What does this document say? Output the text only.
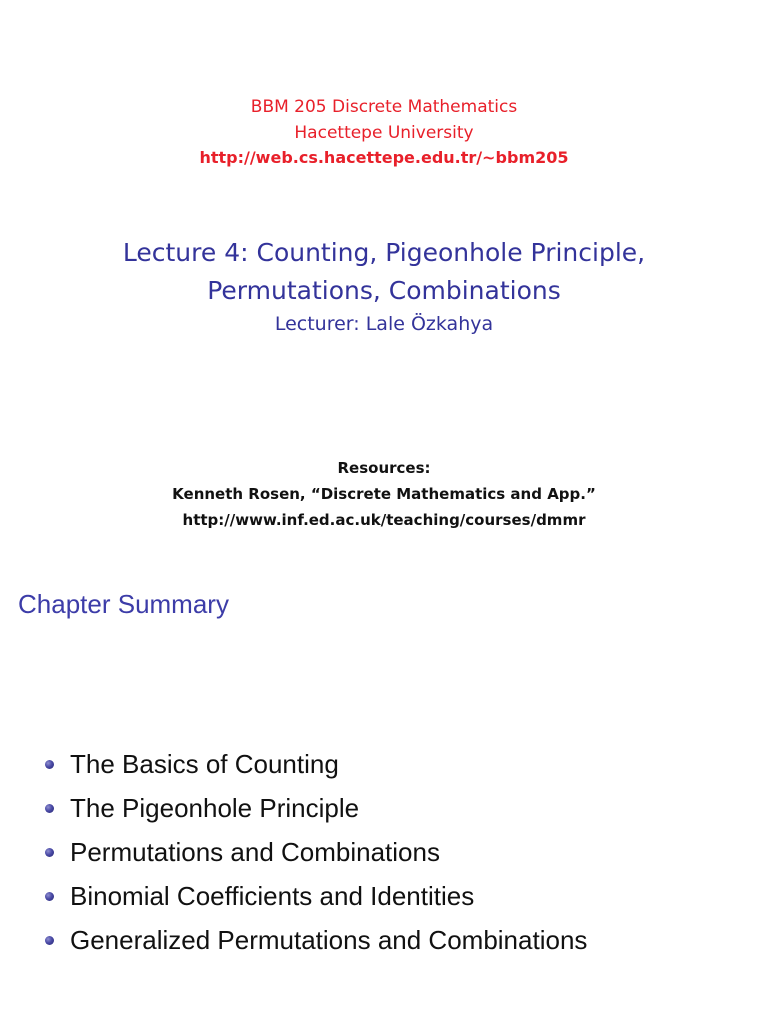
BBM 205 Discrete Mathematics
Hacettepe University
http://web.cs.hacettepe.edu.tr/∼bbm205
Lecture 4: Counting, Pigeonhole Principle,
Permutations, Combinations
Lecturer: Lale Özkahya
Resources:
Kenneth Rosen, “Discrete Mathematics and App.”
http://www.inf.ed.ac.uk/teaching/courses/dmmr
Chapter Summary
The Basics of Counting
The Pigeonhole Principle
Permutations and Combinations
Binomial Coefficients and Identities
Generalized Permutations and Combinations
